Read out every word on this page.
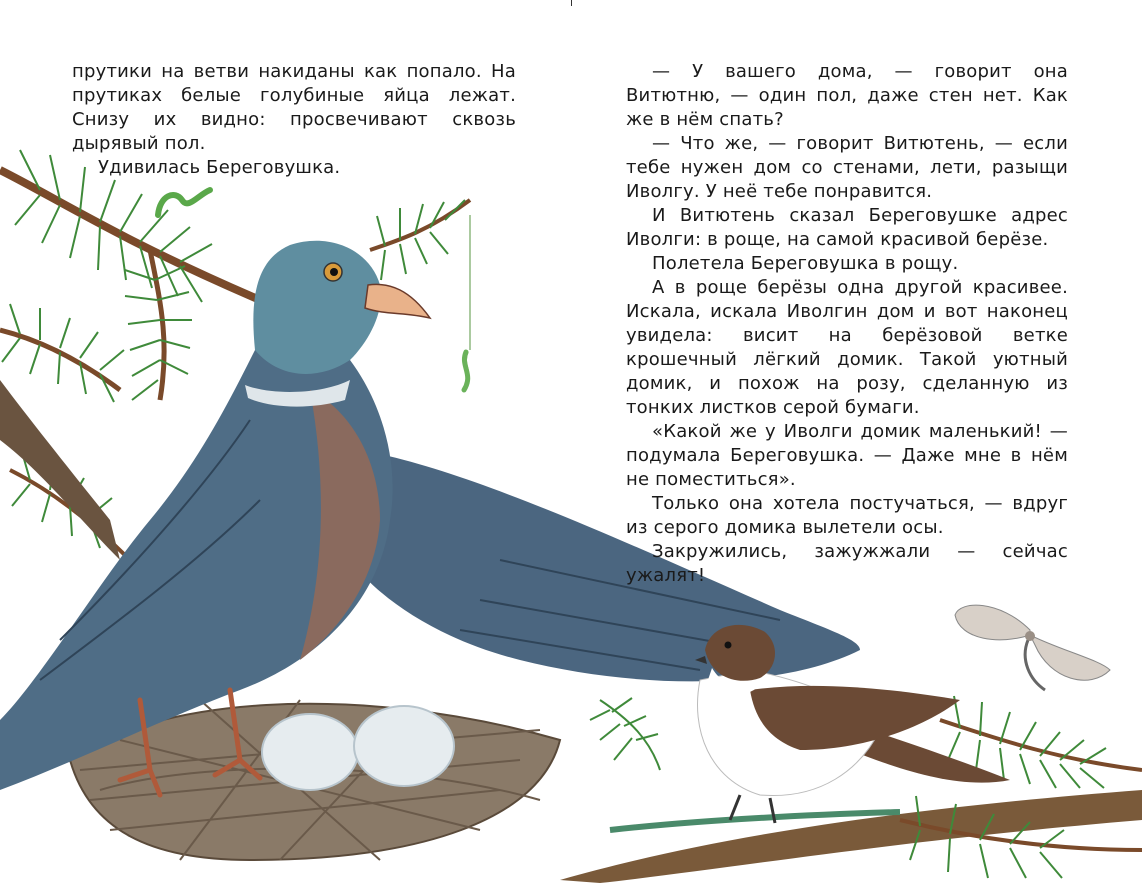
прутики на ветви накиданы как попало. На прутиках белые голубиные яйца лежат. Снизу их видно: просвечивают сквозь дырявый пол.

Удивилась Береговушка.

— У вашего дома, — говорит она Витютню, — один пол, даже стен нет. Как же в нём спать?

— Что же, — говорит Витютень, — если тебе нужен дом со стенами, лети, разыщи Иволгу. У неё тебе понравится.

И Витютень сказал Береговушке адрес Иволги: в роще, на самой красивой берёзе.

Полетела Береговушка в рощу.

А в роще берёзы одна другой красивее. Искала, искала Иволгин дом и вот наконец увидела: висит на берёзовой ветке крошечный лёгкий домик. Такой уютный домик, и похож на розу, сделанную из тонких листков серой бумаги.

«Какой же у Иволги домик маленький! — подумала Береговушка. — Даже мне в нём не поместиться».

Только она хотела постучаться, — вдруг из серого домика вылетели осы.

Закружились, зажужжали — сейчас ужалят!
